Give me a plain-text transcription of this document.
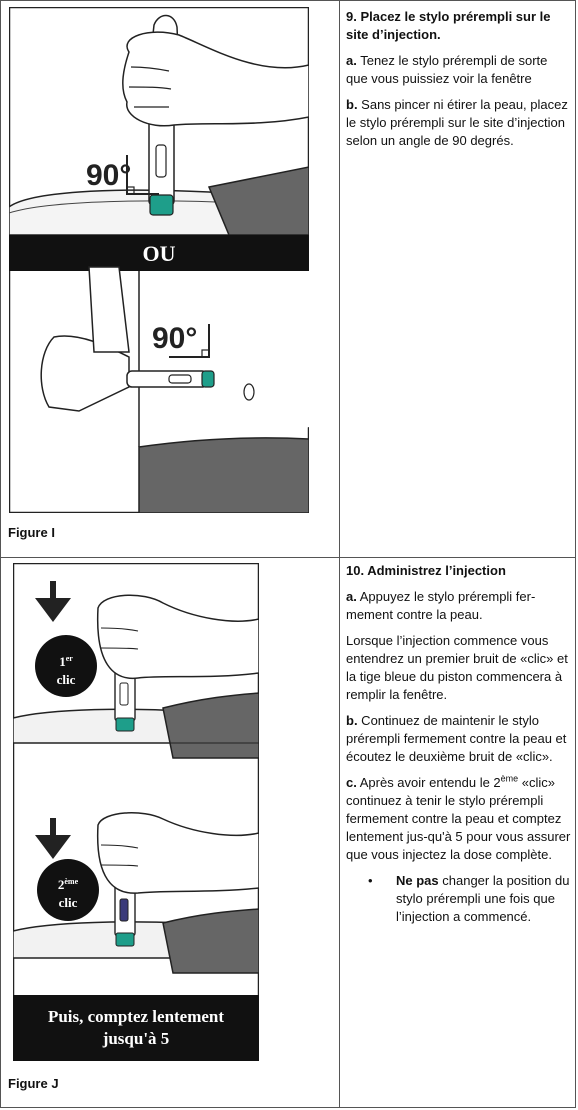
90°
OU
90°
Figure I

9. Placez le stylo prérempli sur le site d’injection.

a. Tenez le stylo prérempli de sorte que vous puissiez voir la fenêtre

b. Sans pincer ni étirer la peau, placez le stylo prérempli sur le site d’injection selon un angle de 90 degrés.

1er
clic
2ème
clic
Puis, comptez lentement
jusqu'à 5
Figure J

10. Administrez l’injection

a. Appuyez le stylo prérempli fer-mement contre la peau.

Lorsque l’injection commence vous entendrez un premier bruit de «clic» et la tige bleue du piston commencera à remplir la fenêtre.

b. Continuez de maintenir le stylo prérempli fermement contre la peau et écoutez le deuxième bruit de «clic».

c. Après avoir entendu le 2ème «clic» continuez à tenir le stylo prérempli fermement contre la peau et comptez lentement jus-qu'à 5 pour vous assurer que vous injectez la dose complète.

• Ne pas changer la position du stylo prérempli une fois que l’injection a commencé.
